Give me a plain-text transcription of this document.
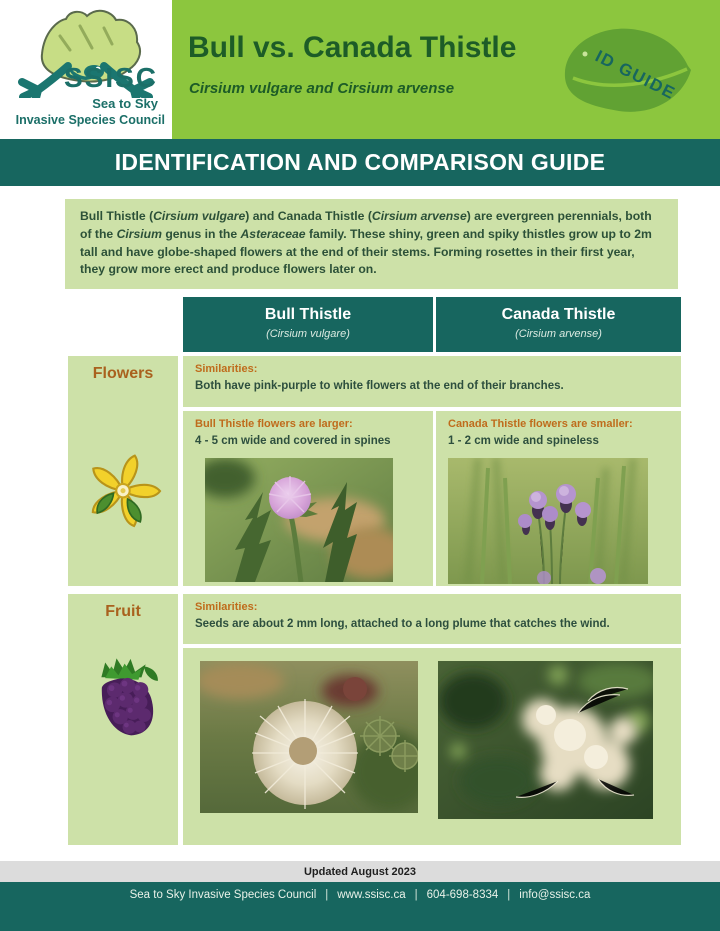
SSISC
Sea to Sky
Invasive Species Council
Bull vs. Canada Thistle
Cirsium vulgare and Cirsium arvense	ID GUIDE
IDENTIFICATION AND COMPARISON GUIDE
Bull Thistle (Cirsium vulgare) and Canada Thistle (Cirsium arvense) are evergreen perennials, both of the Cirsium genus in the Asteraceae family. These shiny, green and spiky thistles grow up to 2m tall and have globe-shaped flowers at the end of their stems. Forming rosettes in their first year, they grow more erect and produce flowers later on.
Bull Thistle
(Cirsium vulgare)
Canada Thistle
(Cirsium arvense)
Flowers	Similarities:
Both have pink-purple to white flowers at the end of their branches.
Bull Thistle flowers are larger:
4 - 5 cm wide and covered in spines
Canada Thistle flowers are smaller:
1 - 2 cm wide and spineless
Fruit	Similarities:
Seeds are about 2 mm long, attached to a long plume that catches the wind.
Updated August 2023
Sea to Sky Invasive Species Council | www.ssisc.ca | 604-698-8334 | info@ssisc.ca
